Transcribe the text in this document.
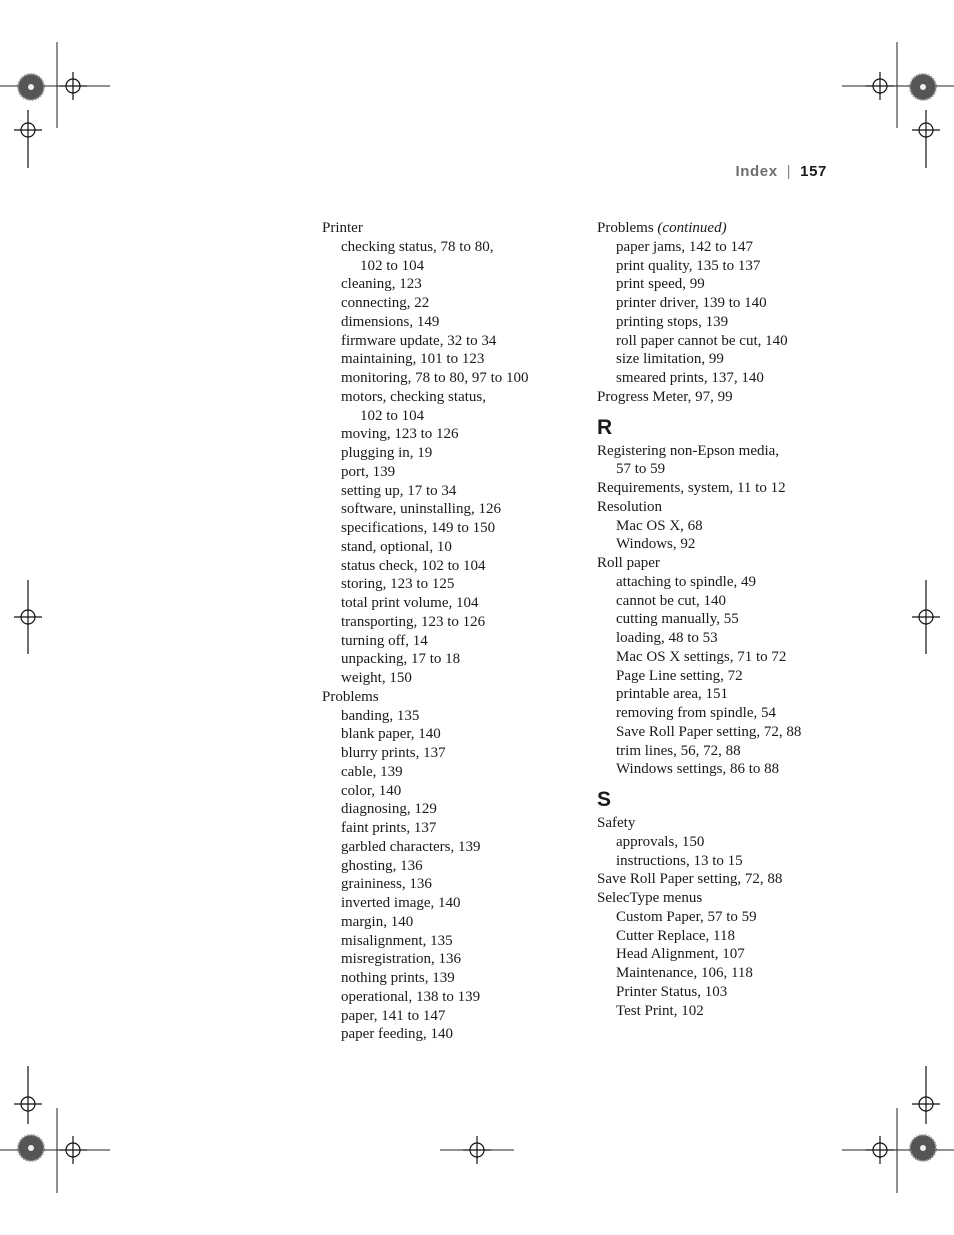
Index | 157
Printer
checking status, 78 to 80,
102 to 104
cleaning, 123
connecting, 22
dimensions, 149
firmware update, 32 to 34
maintaining, 101 to 123
monitoring, 78 to 80, 97 to 100
motors, checking status,
102 to 104
moving, 123 to 126
plugging in, 19
port, 139
setting up, 17 to 34
software, uninstalling, 126
specifications, 149 to 150
stand, optional, 10
status check, 102 to 104
storing, 123 to 125
total print volume, 104
transporting, 123 to 126
turning off, 14
unpacking, 17 to 18
weight, 150
Problems
banding, 135
blank paper, 140
blurry prints, 137
cable, 139
color, 140
diagnosing, 129
faint prints, 137
garbled characters, 139
ghosting, 136
graininess, 136
inverted image, 140
margin, 140
misalignment, 135
misregistration, 136
nothing prints, 139
operational, 138 to 139
paper, 141 to 147
paper feeding, 140
Problems (continued)
paper jams, 142 to 147
print quality, 135 to 137
print speed, 99
printer driver, 139 to 140
printing stops, 139
roll paper cannot be cut, 140
size limitation, 99
smeared prints, 137, 140
Progress Meter, 97, 99
R
Registering non-Epson media,
57 to 59
Requirements, system, 11 to 12
Resolution
Mac OS X, 68
Windows, 92
Roll paper
attaching to spindle, 49
cannot be cut, 140
cutting manually, 55
loading, 48 to 53
Mac OS X settings, 71 to 72
Page Line setting, 72
printable area, 151
removing from spindle, 54
Save Roll Paper setting, 72, 88
trim lines, 56, 72, 88
Windows settings, 86 to 88
S
Safety
approvals, 150
instructions, 13 to 15
Save Roll Paper setting, 72, 88
SelecType menus
Custom Paper, 57 to 59
Cutter Replace, 118
Head Alignment, 107
Maintenance, 106, 118
Printer Status, 103
Test Print, 102
